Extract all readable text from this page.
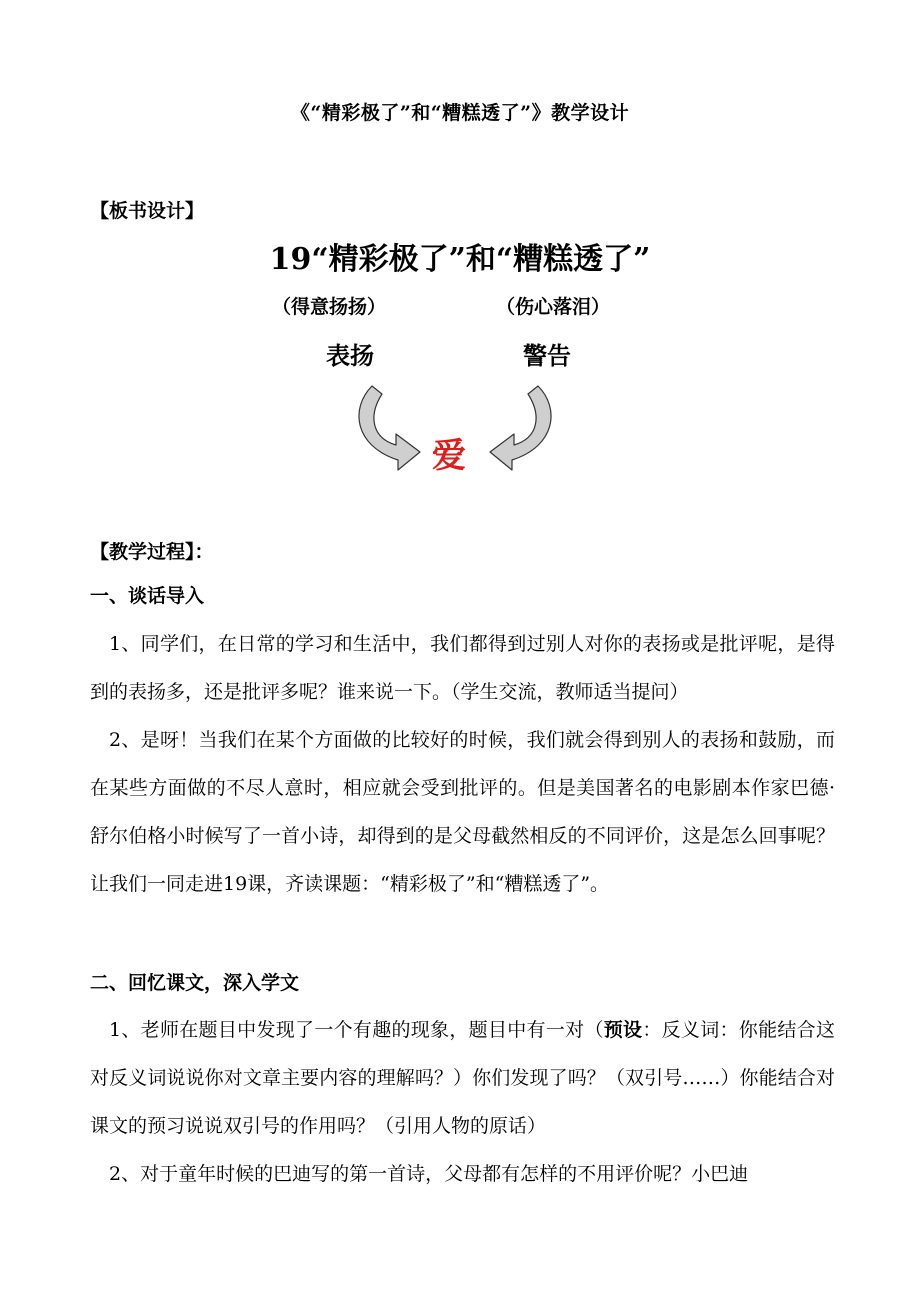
《“精彩极了”和“糟糕透了”》教学设计
【板书设计】
19“精彩极了”和“糟糕透了”
（得意扬扬）	（伤心落泪）
表扬	警告
爱
【教学过程】：
一、谈话导入
1、同学们，在日常的学习和生活中，我们都得到过别人对你的表扬或是批评呢，是得到的表扬多，还是批评多呢？谁来说一下。（学生交流，教师适当提问）
2、是呀！当我们在某个方面做的比较好的时候，我们就会得到别人的表扬和鼓励，而在某些方面做的不尽人意时，相应就会受到批评的。但是美国著名的电影剧本作家巴德·舒尔伯格小时候写了一首小诗，却得到的是父母截然相反的不同评价，这是怎么回事呢？让我们一同走进19课，齐读课题：“精彩极了”和“糟糕透了”。
二、回忆课文，深入学文
1、老师在题目中发现了一个有趣的现象，题目中有一对（预设：反义词：你能结合这对反义词说说你对文章主要内容的理解吗？）你们发现了吗？（双引号……）你能结合对课文的预习说说双引号的作用吗？（引用人物的原话）
2、对于童年时候的巴迪写的第一首诗，父母都有怎样的不用评价呢？小巴迪
